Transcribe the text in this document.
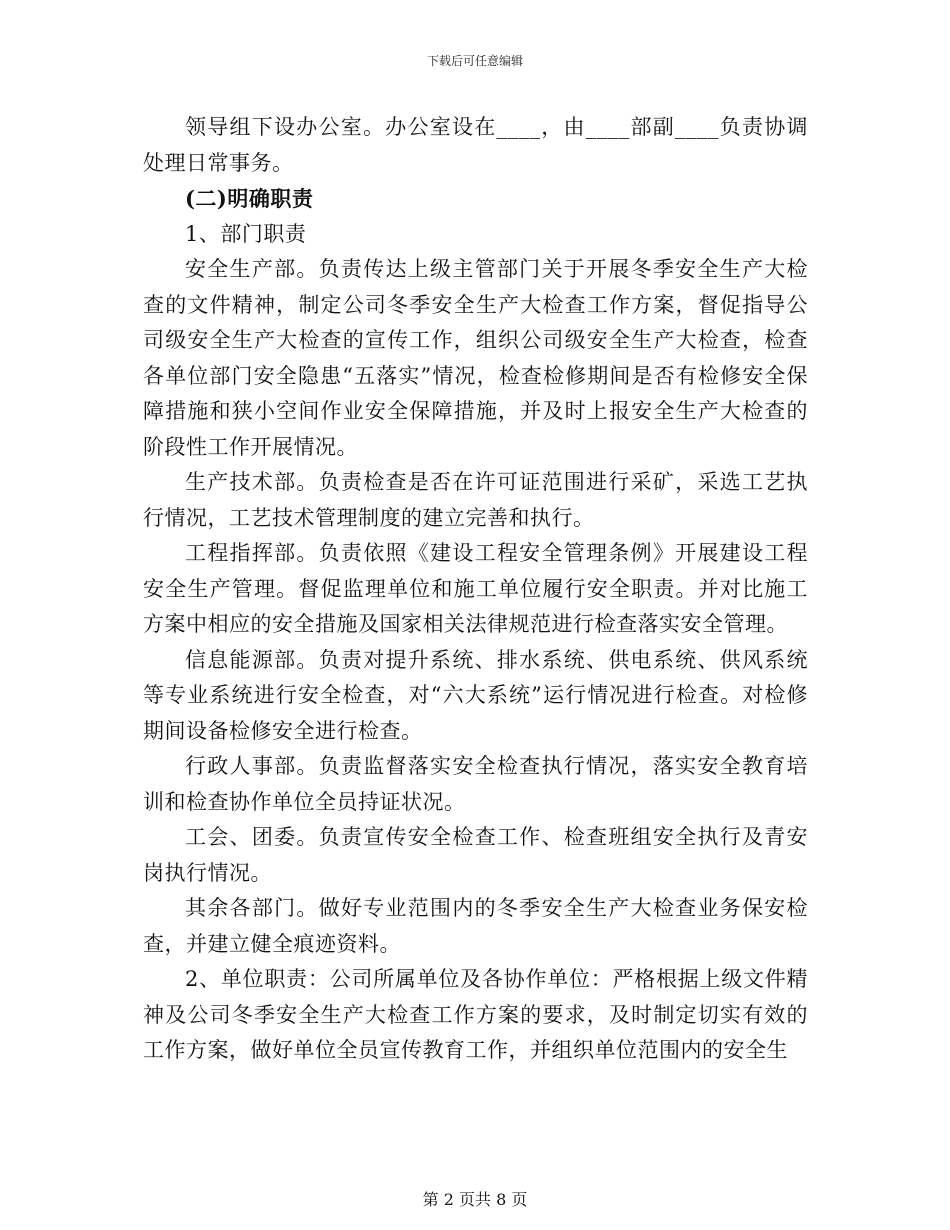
下载后可任意编辑

领导组下设办公室。办公室设在____，由____部副____负责协调处理日常事务。

(二)明确职责

1、部门职责

安全生产部。负责传达上级主管部门关于开展冬季安全生产大检查的文件精神，制定公司冬季安全生产大检查工作方案，督促指导公司级安全生产大检查的宣传工作，组织公司级安全生产大检查，检查各单位部门安全隐患“五落实”情况，检查检修期间是否有检修安全保障措施和狭小空间作业安全保障措施，并及时上报安全生产大检查的阶段性工作开展情况。

生产技术部。负责检查是否在许可证范围进行采矿，采选工艺执行情况，工艺技术管理制度的建立完善和执行。

工程指挥部。负责依照《建设工程安全管理条例》开展建设工程安全生产管理。督促监理单位和施工单位履行安全职责。并对比施工方案中相应的安全措施及国家相关法律规范进行检查落实安全管理。

信息能源部。负责对提升系统、排水系统、供电系统、供风系统等专业系统进行安全检查，对“六大系统”运行情况进行检查。对检修期间设备检修安全进行检查。

行政人事部。负责监督落实安全检查执行情况，落实安全教育培训和检查协作单位全员持证状况。

工会、团委。负责宣传安全检查工作、检查班组安全执行及青安岗执行情况。

其余各部门。做好专业范围内的冬季安全生产大检查业务保安检查，并建立健全痕迹资料。

2、单位职责：公司所属单位及各协作单位：严格根据上级文件精神及公司冬季安全生产大检查工作方案的要求，及时制定切实有效的工作方案，做好单位全员宣传教育工作，并组织单位范围内的安全生

第 2 页共 8 页
